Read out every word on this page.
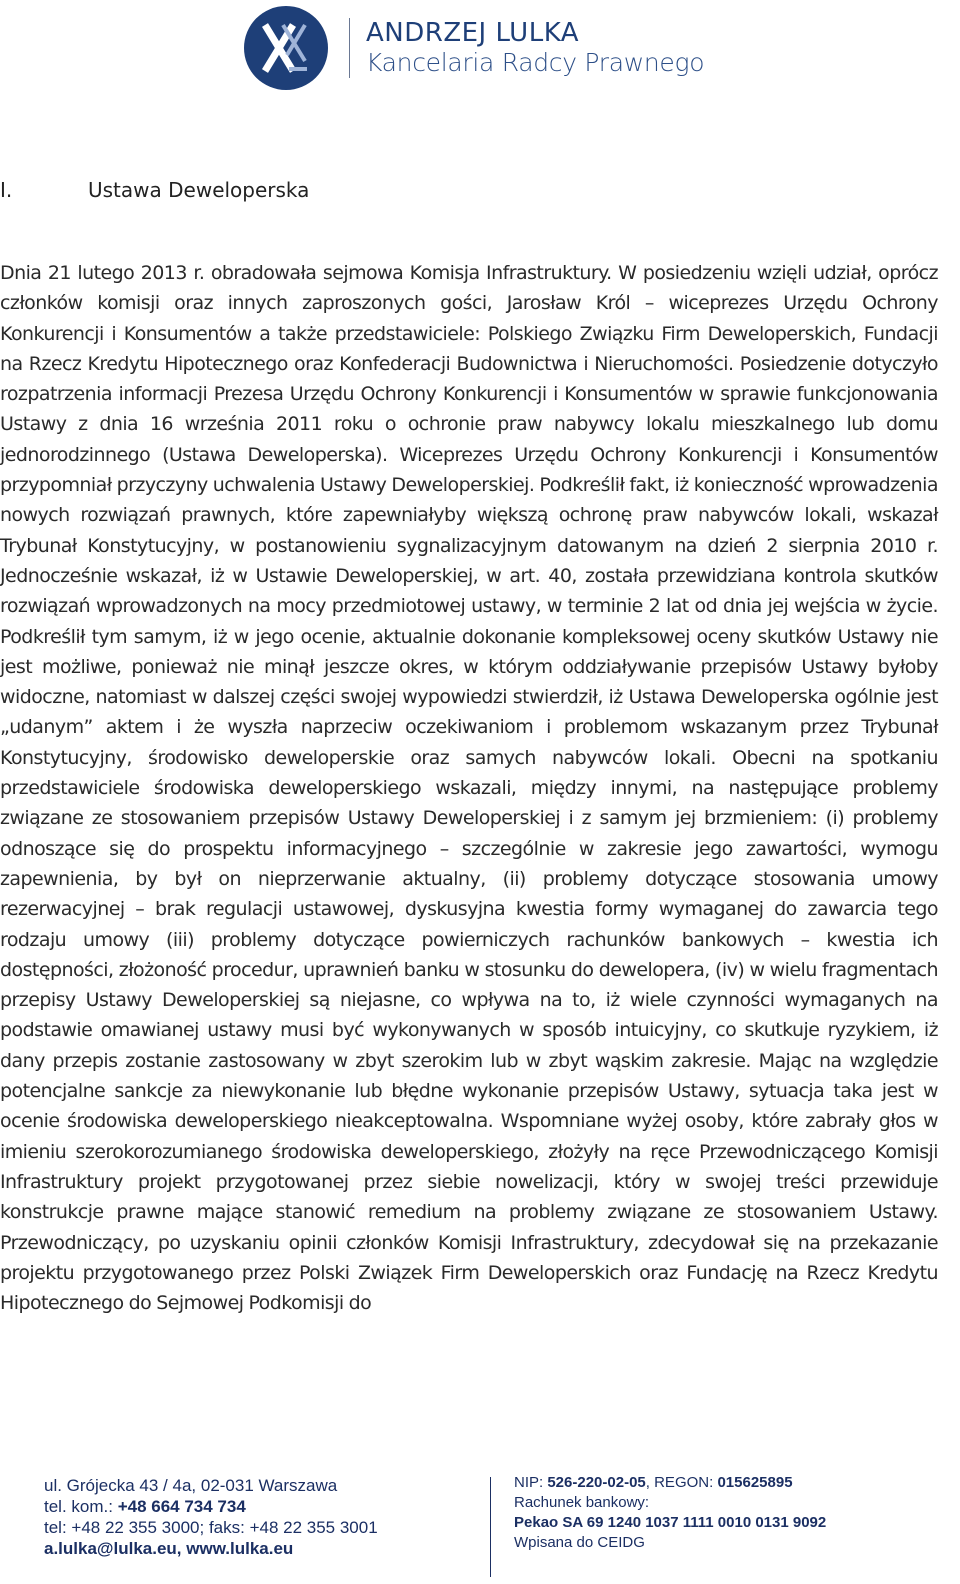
ANDRZEJ LULKA
Kancelaria Radcy Prawnego
I.	Ustawa Deweloperska
Dnia 21 lutego 2013 r. obradowała sejmowa Komisja Infrastruktury. W posiedzeniu wzięli udział, oprócz członków komisji oraz innych zaproszonych gości, Jarosław Król – wiceprezes Urzędu Ochrony Konkurencji i Konsumentów a także przedstawiciele: Polskiego Związku Firm Deweloperskich, Fundacji na Rzecz Kredytu Hipotecznego oraz Konfederacji Budownictwa i Nieruchomości. Posiedzenie dotyczyło rozpatrzenia informacji Prezesa Urzędu Ochrony Konkurencji i Konsumentów w sprawie funkcjonowania Ustawy z dnia 16 września 2011 roku o ochronie praw nabywcy lokalu mieszkalnego lub domu jednorodzinnego (Ustawa Deweloperska). Wiceprezes Urzędu Ochrony Konkurencji i Konsumentów przypomniał przyczyny uchwalenia Ustawy Deweloperskiej. Podkreślił fakt, iż konieczność wprowadzenia nowych rozwiązań prawnych, które zapewniałyby większą ochronę praw nabywców lokali, wskazał Trybunał Konstytucyjny, w postanowieniu sygnalizacyjnym datowanym na dzień 2 sierpnia 2010 r. Jednocześnie wskazał, iż w Ustawie Deweloperskiej, w art. 40, została przewidziana kontrola skutków rozwiązań wprowadzonych na mocy przedmiotowej ustawy, w terminie 2 lat od dnia jej wejścia w życie. Podkreślił tym samym, iż w jego ocenie, aktualnie dokonanie kompleksowej oceny skutków Ustawy nie jest możliwe, ponieważ nie minął jeszcze okres, w którym oddziaływanie przepisów Ustawy byłoby widoczne, natomiast w dalszej części swojej wypowiedzi stwierdził, iż Ustawa Deweloperska ogólnie jest „udanym” aktem i że wyszła naprzeciw oczekiwaniom i problemom wskazanym przez Trybunał Konstytucyjny, środowisko deweloperskie oraz samych nabywców lokali. Obecni na spotkaniu przedstawiciele środowiska deweloperskiego wskazali, między innymi, na następujące problemy związane ze stosowaniem przepisów Ustawy Deweloperskiej i z samym jej brzmieniem: (i) problemy odnoszące się do prospektu informacyjnego – szczególnie w zakresie jego zawartości, wymogu zapewnienia, by był on nieprzerwanie aktualny, (ii) problemy dotyczące stosowania umowy rezerwacyjnej – brak regulacji ustawowej, dyskusyjna kwestia formy wymaganej do zawarcia tego rodzaju umowy (iii) problemy dotyczące powierniczych rachunków bankowych – kwestia ich dostępności, złożoność procedur, uprawnień banku w stosunku do dewelopera, (iv) w wielu fragmentach przepisy Ustawy Deweloperskiej są niejasne, co wpływa na to, iż wiele czynności wymaganych na podstawie omawianej ustawy musi być wykonywanych w sposób intuicyjny, co skutkuje ryzykiem, iż dany przepis zostanie zastosowany w zbyt szerokim lub w zbyt wąskim zakresie. Mając na względzie potencjalne sankcje za niewykonanie lub błędne wykonanie przepisów Ustawy, sytuacja taka jest w ocenie środowiska deweloperskiego nieakceptowalna. Wspomniane wyżej osoby, które zabrały głos w imieniu szerokorozumianego środowiska deweloperskiego, złożyły na ręce Przewodniczącego Komisji Infrastruktury projekt przygotowanej przez siebie nowelizacji, który w swojej treści przewiduje konstrukcje prawne mające stanowić remedium na problemy związane ze stosowaniem Ustawy. Przewodniczący, po uzyskaniu opinii członków Komisji Infrastruktury, zdecydował się na przekazanie projektu przygotowanego przez Polski Związek Firm Deweloperskich oraz Fundację na Rzecz Kredytu Hipotecznego do Sejmowej Podkomisji do
ul. Grójecka 43 / 4a, 02-031 Warszawa
tel. kom.: +48 664 734 734
tel: +48 22 355 3000; faks: +48 22 355 3001
a.lulka@lulka.eu, www.lulka.eu
NIP: 526-220-02-05, REGON: 015625895
Rachunek bankowy:
Pekao SA 69 1240 1037 1111 0010 0131 9092
Wpisana do CEIDG
